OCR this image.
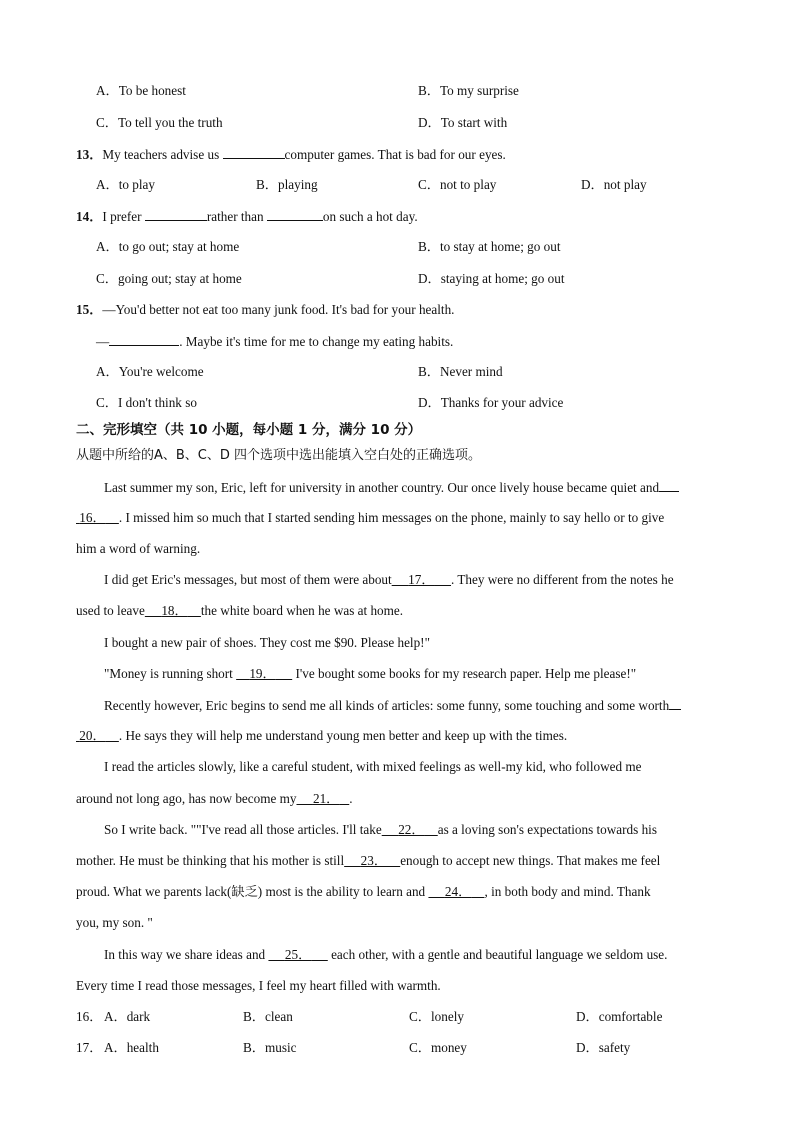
A．To be honest	B．To my surprise
C．To tell you the truth	D．To start with
13．My teachers advise us	computer games. That is bad for our eyes.
A．to play	B．playing	C．not to play	D．not play
14．I prefer	rather than	on such a hot day.
A．to go out; stay at home	B．to stay at home; go out
C．going out; stay at home	D．staying at home; go out
15．—You'd better not eat too many junk food. It's bad for your health.
—	. Maybe it's time for me to change my eating habits.
A．You're welcome	B．Never mind
C．I don't think so	D．Thanks for your advice
二、完形填空（共 10 小题，每小题 1 分，满分 10 分）
从题中所给的A、B、C、D 四个选项中选出能填入空白处的正确选项。
Last summer my son, Eric, left for university in another country. Our once lively house became quiet and
16． . I missed him so much that I started sending him messages on the phone, mainly to say hello or to give
him a word of warning.
I did get Eric's messages, but most of them were about 17． . They were no different from the notes he
used to leave 18． the white board when he was at home.
I bought a new pair of shoes. They cost me $90. Please help!"
"Money is running short     19．      I've bought some books for my research paper. Help me please!"
Recently however, Eric begins to send me all kinds of articles: some funny, some touching and some worth
20． . He says they will help me understand young men better and keep up with the times.
I read the articles slowly, like a careful student, with mixed feelings as well-my kid, who followed me
around not long ago, has now become my 21． .
So I write back. ""I've read all those articles. I'll take 22． as a loving son's expectations towards his
mother. He must be thinking that his mother is still 23． enough to accept new things. That makes me feel
proud. What we parents lack(缺乏) most is the ability to learn and      24． , in both body and mind. Thank
you, my son. "
In this way we share ideas and      25．      each other, with a gentle and beautiful language we seldom use.
Every time I read those messages, I feel my heart filled with warmth.
16． A．dark	B．clean	C．lonely	D．comfortable
17． A．health	B．music	C．money	D．safety
